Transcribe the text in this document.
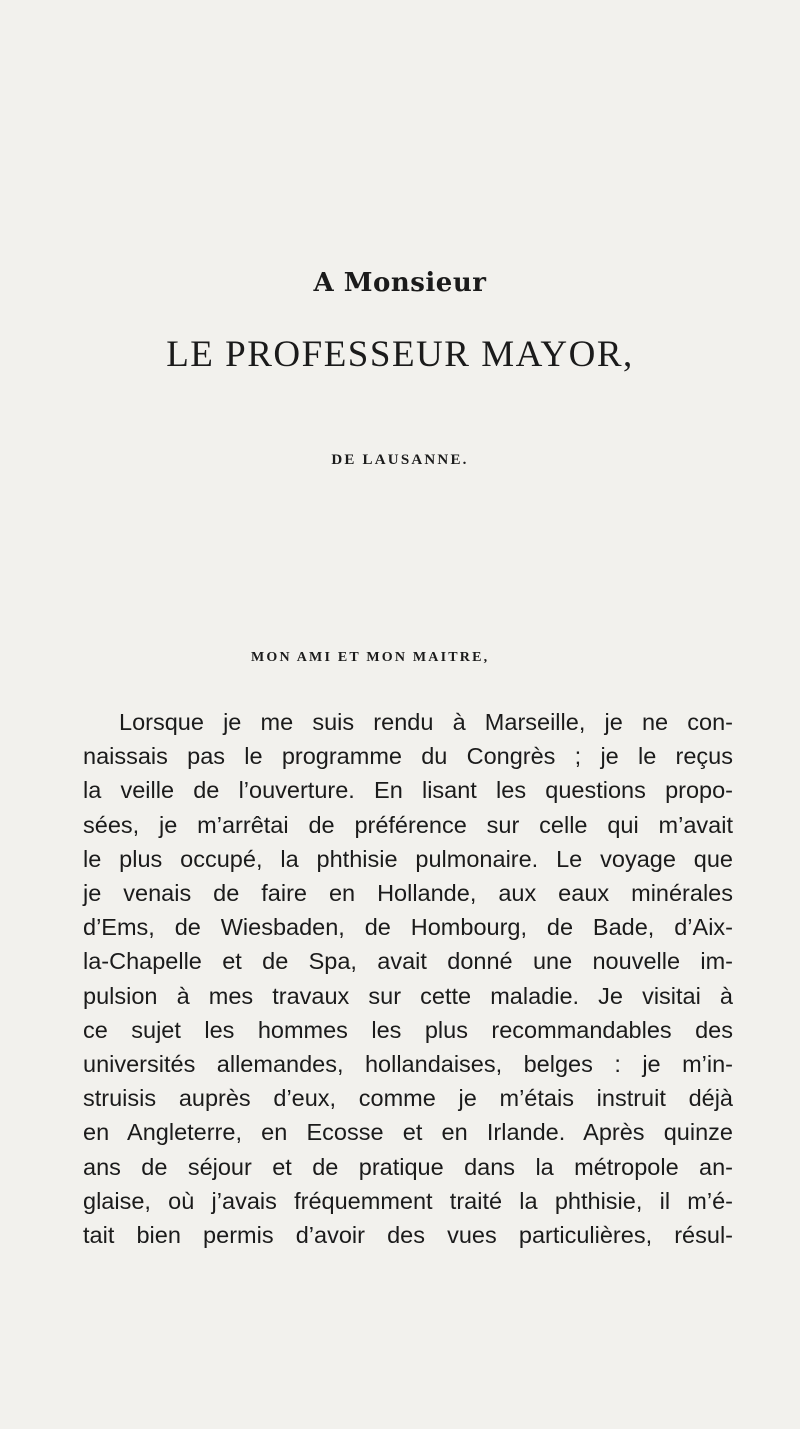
A Monsieur
LE PROFESSEUR MAYOR,
DE LAUSANNE.
MON AMI ET MON MAITRE,
Lorsque je me suis rendu à Marseille, je ne con-
naissais pas le programme du Congrès ; je le reçus
la veille de l’ouverture. En lisant les questions propo-
sées, je m’arrêtai de préférence sur celle qui m’avait
le plus occupé, la phthisie pulmonaire. Le voyage que
je venais de faire en Hollande, aux eaux minérales
d’Ems, de Wiesbaden, de Hombourg, de Bade, d’Aix-
la-Chapelle et de Spa, avait donné une nouvelle im-
pulsion à mes travaux sur cette maladie. Je visitai à
ce sujet les hommes les plus recommandables des
universités allemandes, hollandaises, belges : je m’in-
struisis auprès d’eux, comme je m’étais instruit déjà
en Angleterre, en Ecosse et en Irlande. Après quinze
ans de séjour et de pratique dans la métropole an-
glaise, où j’avais fréquemment traité la phthisie, il m’é-
tait bien permis d’avoir des vues particulières, résul-
